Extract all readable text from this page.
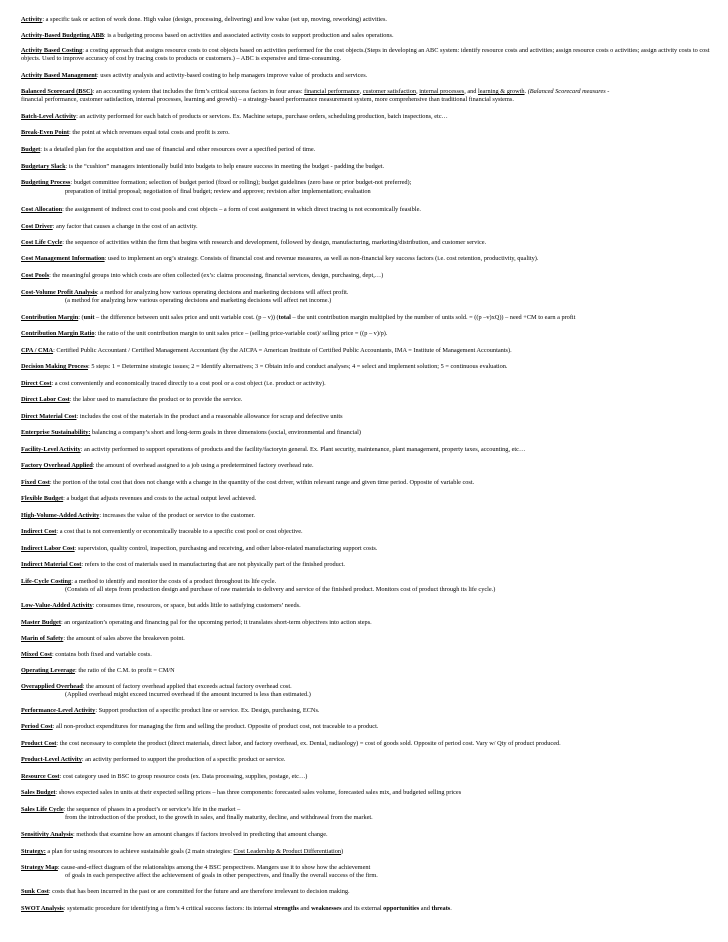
Activity: a specific task or action of work done. High value (design, processing, delivering) and low value (set up, moving, reworking) activities.
Activity-Based Budgeting ABB: is a budgeting process based on activities and associated activity costs to support production and sales operations.
Activity Based Costing: a costing approach that assigns resource costs to cost objects based on activities performed for the cost objects.(Steps in developing an ABC system: identify resource costs and activities; assign resource costs o activities; assign activity costs to cost objects. Used to improve accuracy of cost by tracing costs to products or customers.) – ABC is expensive and time-consuming.
Activity Based Management: uses activity analysis and activity-based costing to help managers improve value of products and services.
Balanced Scorecard (BSC): an accounting system that includes the firm’s critical success factors in four areas: financial performance, customer satisfaction, internal processes, and learning & growth. (Balanced Scorecard measures -
financial performance, customer satisfaction, internal processes, learning and growth) – a strategy-based performance measurement system, more comprehensive than traditional financial systems.
Batch-Level Activity: an activity performed for each batch of products or services. Ex. Machine setups, purchase orders, scheduling production, batch inspections, etc…
Break-Even Point: the point at which revenues equal total costs and profit is zero.
Budget: is a detailed plan for the acquisition and use of financial and other resources over a specified period of time.
Budgetary Slack: is the “cushion” managers intentionally build into budgets to help ensure success in meeting the budget - padding the budget.
Budgeting Process: budget committee formation; selection of budget period (fixed or rolling); budget guidelines (zero base or prior budget-not preferred);
preparation of initial proposal; negotiation of final budget; review and approve; revision after implementation; evaluation
Cost Allocation: the assignment of indirect cost to cost pools and cost objects – a form of cost assignment in which direct tracing is not economically feasible.
Cost Driver: any factor that causes a change in the cost of an activity.
Cost Life Cycle: the sequence of activities within the firm that begins with research and development, followed by design, manufacturing, marketing/distribution, and customer service.
Cost Management Information: used to implement an org’s strategy. Consists of financial cost and revenue measures, as well as non-financial key success factors (i.e. cost retention, productivity, quality).
Cost Pools: the meaningful groups into which costs are often collected (ex’s: claims processing, financial services, design, purchasing, dept,…)
Cost-Volume Profit Analysis: a method for analyzing how various operating decisions and marketing decisions will affect profit.
(a method for analyzing how various operating decisions and marketing decisions will affect net income.)
Contribution Margin: (unit – the difference between unit sales price and unit variable cost. (p – v)) (total – the unit contribution margin multiplied by the number of units sold. = ((p –v)xQ)) – need +CM to earn a profit
Contribution Margin Ratio: the ratio of the unit contribution margin to unit sales price – (selling price-variable cost)/ selling price = ((p – v)/p).
CPA / CMA: Certified Public Accountant / Certified Management Accountant (by the AICPA = American Institute of Certified Public Accountants, IMA = Institute of Management Accountants).
Decision Making Process: 5 steps: 1 = Determine strategic issues; 2 = Identify alternatives; 3 = Obtain info and conduct analyses; 4 = select and implement solution; 5 = continuous evaluation.
Direct Cost: a cost conveniently and economically traced directly to a cost pool or a cost object (i.e. product or activity).
Direct Labor Cost: the labor used to manufacture the product or to provide the service.
Direct Material Cost: includes the cost of the materials in the product and a reasonable allowance for scrap and defective units
Enterprise Sustainability: balancing a company’s short and long-term goals in three dimensions (social, environmental and financial)
Facility-Level Activity: an activity performed to support operations of products and the facility/factoryin general. Ex. Plant security, maintenance, plant management, property taxes, accounting, etc…
Factory Overhead Applied: the amount of overhead assigned to a job using a predetermined factory overhead rate.
Fixed Cost: the portion of the total cost that does not change with a change in the quantity of the cost driver, within relevant range and given time period. Opposite of variable cost.
Flexible Budget: a budget that adjusts revenues and costs to the actual output level achieved.
High-Volume-Added Activity: increases the value of the product or service to the customer.
Indirect Cost: a cost that is not conveniently or economically traceable to a specific cost pool or cost objective.
Indirect Labor Cost: supervision, quality control, inspection, purchasing and receiving, and other labor-related manufacturing support costs.
Indirect Material Cost: refers to the cost of materials used in manufacturing that are not physically part of the finished product.
Life-Cycle Costing: a method to identify and monitor the costs of a product throughout its life cycle.
(Consists of all steps from production design and purchase of raw materials to delivery and service of the finished product. Monitors cost of product through its life cycle.)
Low-Value-Added Activity: consumes time, resources, or space, but adds little to satisfying customers’ needs.
Master Budget: an organization’s operating and financing pal for the upcoming period; it translates short-term objectives into action steps.
Marin of Safety: the amount of sales above the breakeven point.
Mixed Cost: contains both fixed and variable costs.
Operating Leverage: the ratio of the C.M. to profit = CM/N
Overapplied Overhead: the amount of factory overhead applied that exceeds actual factory overhead cost.
(Applied overhead might exceed incurred overhead if the amount incurred is less than estimated.)
Performance-Level Activity: Support production of a specific product line or service. Ex. Design, purchasing, ECNs.
Period Cost: all non-product expenditures for managing the firm and selling the product. Opposite of product cost, not traceable to a product.
Product Cost: the cost necessary to complete the product (direct materials, direct labor, and factory overhead, ex. Dental, radiaology) = cost of goods sold. Opposite of period cost. Vary w/ Qty of product produced.
Product-Level Activity: an activity performed to support the production of a specific product or service.
Resource Cost: cost category used in BSC to group resource costs (ex. Data processing, supplies, postage, etc…)
Sales Budget: shows expected sales in units at their expected selling prices – has three components: forecasted sales volume, forecasted sales mix, and budgeted selling prices
Sales Life Cycle: the sequence of phases in a product’s or service’s life in the market –
from the introduction of the product, to the growth in sales, and finally maturity, decline, and withdrawal from the market.
Sensitivity Analysis: methods that examine how an amount changes if factors involved in predicting that amount change.
Strategy: a plan for using resources to achieve sustainable goals (2 main strategies: Cost Leadership & Product Differentiation)
Strategy Map: cause-and-effect diagram of the relationships among the 4 BSC perspectives. Mangers use it to show how the achievement
of goals in each perspective affect the achievement of goals in other perspectives, and finally the overall success of the firm.
Sunk Cost: costs that has been incurred in the past or are committed for the future and are therefore irrelevant to decision making.
SWOT Analysis: systematic procedure for identifying a firm’s 4 critical success factors: its internal strengths and weaknesses and its external opportunities and threats.
